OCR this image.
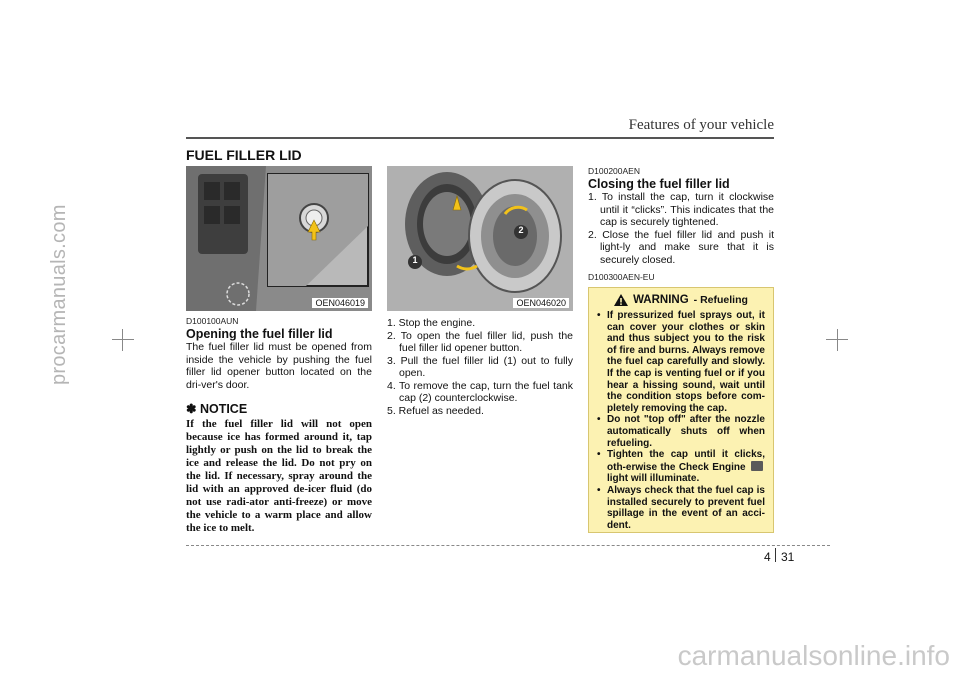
procarmanuals.com
carmanualsonline.info
Features of your vehicle
FUEL FILLER LID
OEN046019
D100100AUN
Opening the fuel filler lid
The fuel filler lid must be opened from inside the vehicle by pushing the fuel filler lid opener button located on the dri-ver's door.
✽ NOTICE
If the fuel filler lid will not open because ice has formed around it, tap lightly or push on the lid to break the ice and release the lid. Do not pry on the lid. If necessary, spray around the lid with an approved de-icer fluid (do not use radi-ator anti-freeze) or move the vehicle to a warm place and allow the ice to melt.
1
2
OEN046020
1. Stop the engine.
2. To open the fuel filler lid, push the fuel filler lid opener button.
3. Pull the fuel filler lid (1) out to fully open.
4. To remove the cap, turn the fuel tank cap (2) counterclockwise.
5. Refuel as needed.
D100200AEN
Closing the fuel filler lid
1. To install the cap, turn it clockwise until it “clicks”. This indicates that the cap is securely tightened.
2. Close the fuel filler lid and push it light-ly and make sure that it is securely closed.
D100300AEN-EU
WARNING - Refueling
• If pressurized fuel sprays out, it can cover your clothes or skin and thus subject you to the risk of fire and burns. Always remove the fuel cap carefully and slowly. If the cap is venting fuel or if you hear a hissing sound, wait until the condition stops before com-pletely removing the cap.
• Do not "top off" after the nozzle automatically shuts off when refueling.
• Tighten the cap until it clicks, oth-erwise the Check Engine  light will illuminate.
• Always check that the fuel cap is installed securely to prevent fuel spillage in the event of an acci-dent.
4 31
